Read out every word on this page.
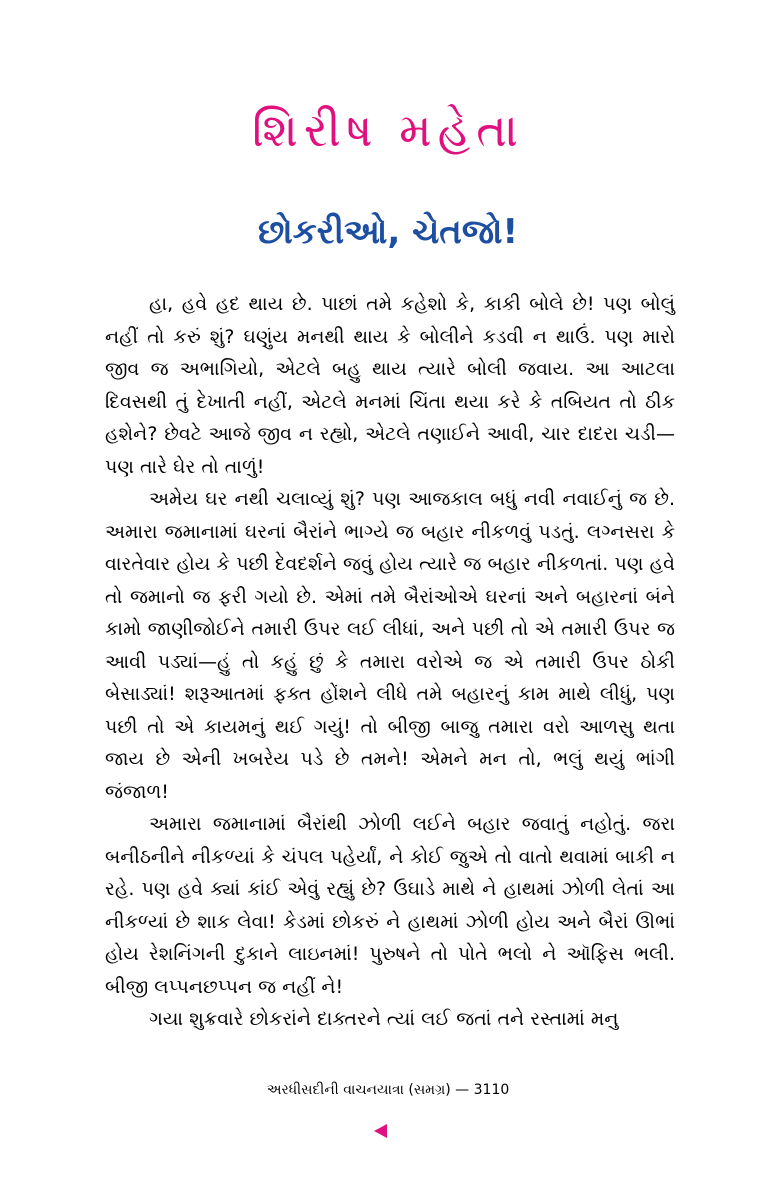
શિરીષ મહેતા
છોકરીઓ, ચેતજો!

હા, હવે હદ થાય છે. પાછાં તમે કહેશો કે, કાકી બોલે છે! પણ બોલું નહીં તો કરું શું? ઘણુંય મનથી થાય કે બોલીને કડવી ન થાઉં. પણ મારો જીવ જ અભાગિયો, એટલે બહુ થાય ત્યારે બોલી જવાય. આ આટલા દિવસથી તું દેખાતી નહીં, એટલે મનમાં ચિંતા થયા કરે કે તબિયત તો ઠીક હશેને? છેવટે આજે જીવ ન રહ્યો, એટલે તણાઈને આવી, ચાર દાદરા ચડી—પણ તારે ઘેર તો તાળું!

અમેય ઘર નથી ચલાવ્યું શું? પણ આજકાલ બધું નવી નવાઈનું જ છે. અમારા જમાનામાં ઘરનાં બૈરાંને ભાગ્યે જ બહાર નીકળવું પડતું. લગ્નસરા કે વારતેવાર હોય કે પછી દેવદર્શને જવું હોય ત્યારે જ બહાર નીકળતાં. પણ હવે તો જમાનો જ ફરી ગયો છે. એમાં તમે બૈરાંઓએ ઘરનાં અને બહારનાં બંને કામો જાણીજોઈને તમારી ઉપર લઈ લીધાં, અને પછી તો એ તમારી ઉપર જ આવી પડ્યાં—હું તો કહું છું કે તમારા વરોએ જ એ તમારી ઉપર ઠોકી બેસાડ્યાં! શરૂઆતમાં ફક્ત હોંશને લીધે તમે બહારનું કામ માથે લીધું, પણ પછી તો એ કાયમનું થઈ ગયું! તો બીજી બાજુ તમારા વરો આળસુ થતા જાય છે એની ખબરેય પડે છે તમને! એમને મન તો, ભલું થયું ભાંગી જંજાળ!

અમારા જમાનામાં બૈરાંથી ઝોળી લઈને બહાર જવાતું નહોતું. જરા બનીઠનીને નીકળ્યાં કે ચંપલ પહેર્યાં, ને કોઈ જુએ તો વાતો થવામાં બાકી ન રહે. પણ હવે ક્યાં કાંઈ એવું રહ્યું છે? ઉઘાડે માથે ને હાથમાં ઝોળી લેતાં આ નીકળ્યાં છે શાક લેવા! કેડમાં છોકરું ને હાથમાં ઝોળી હોય અને બૈરાં ઊભાં હોય રેશનિંગની દુકાને લાઇનમાં! પુરુષને તો પોતે ભલો ને ઑફિસ ભલી. બીજી લપ્પનછપ્પન જ નહીં ને!

ગયા શુક્રવારે છોકરાંને દાક્તરને ત્યાં લઈ જતાં તને રસ્તામાં મનુ

અરધીસદીની વાચનયાત્રા (સમગ્ર) — 3110
